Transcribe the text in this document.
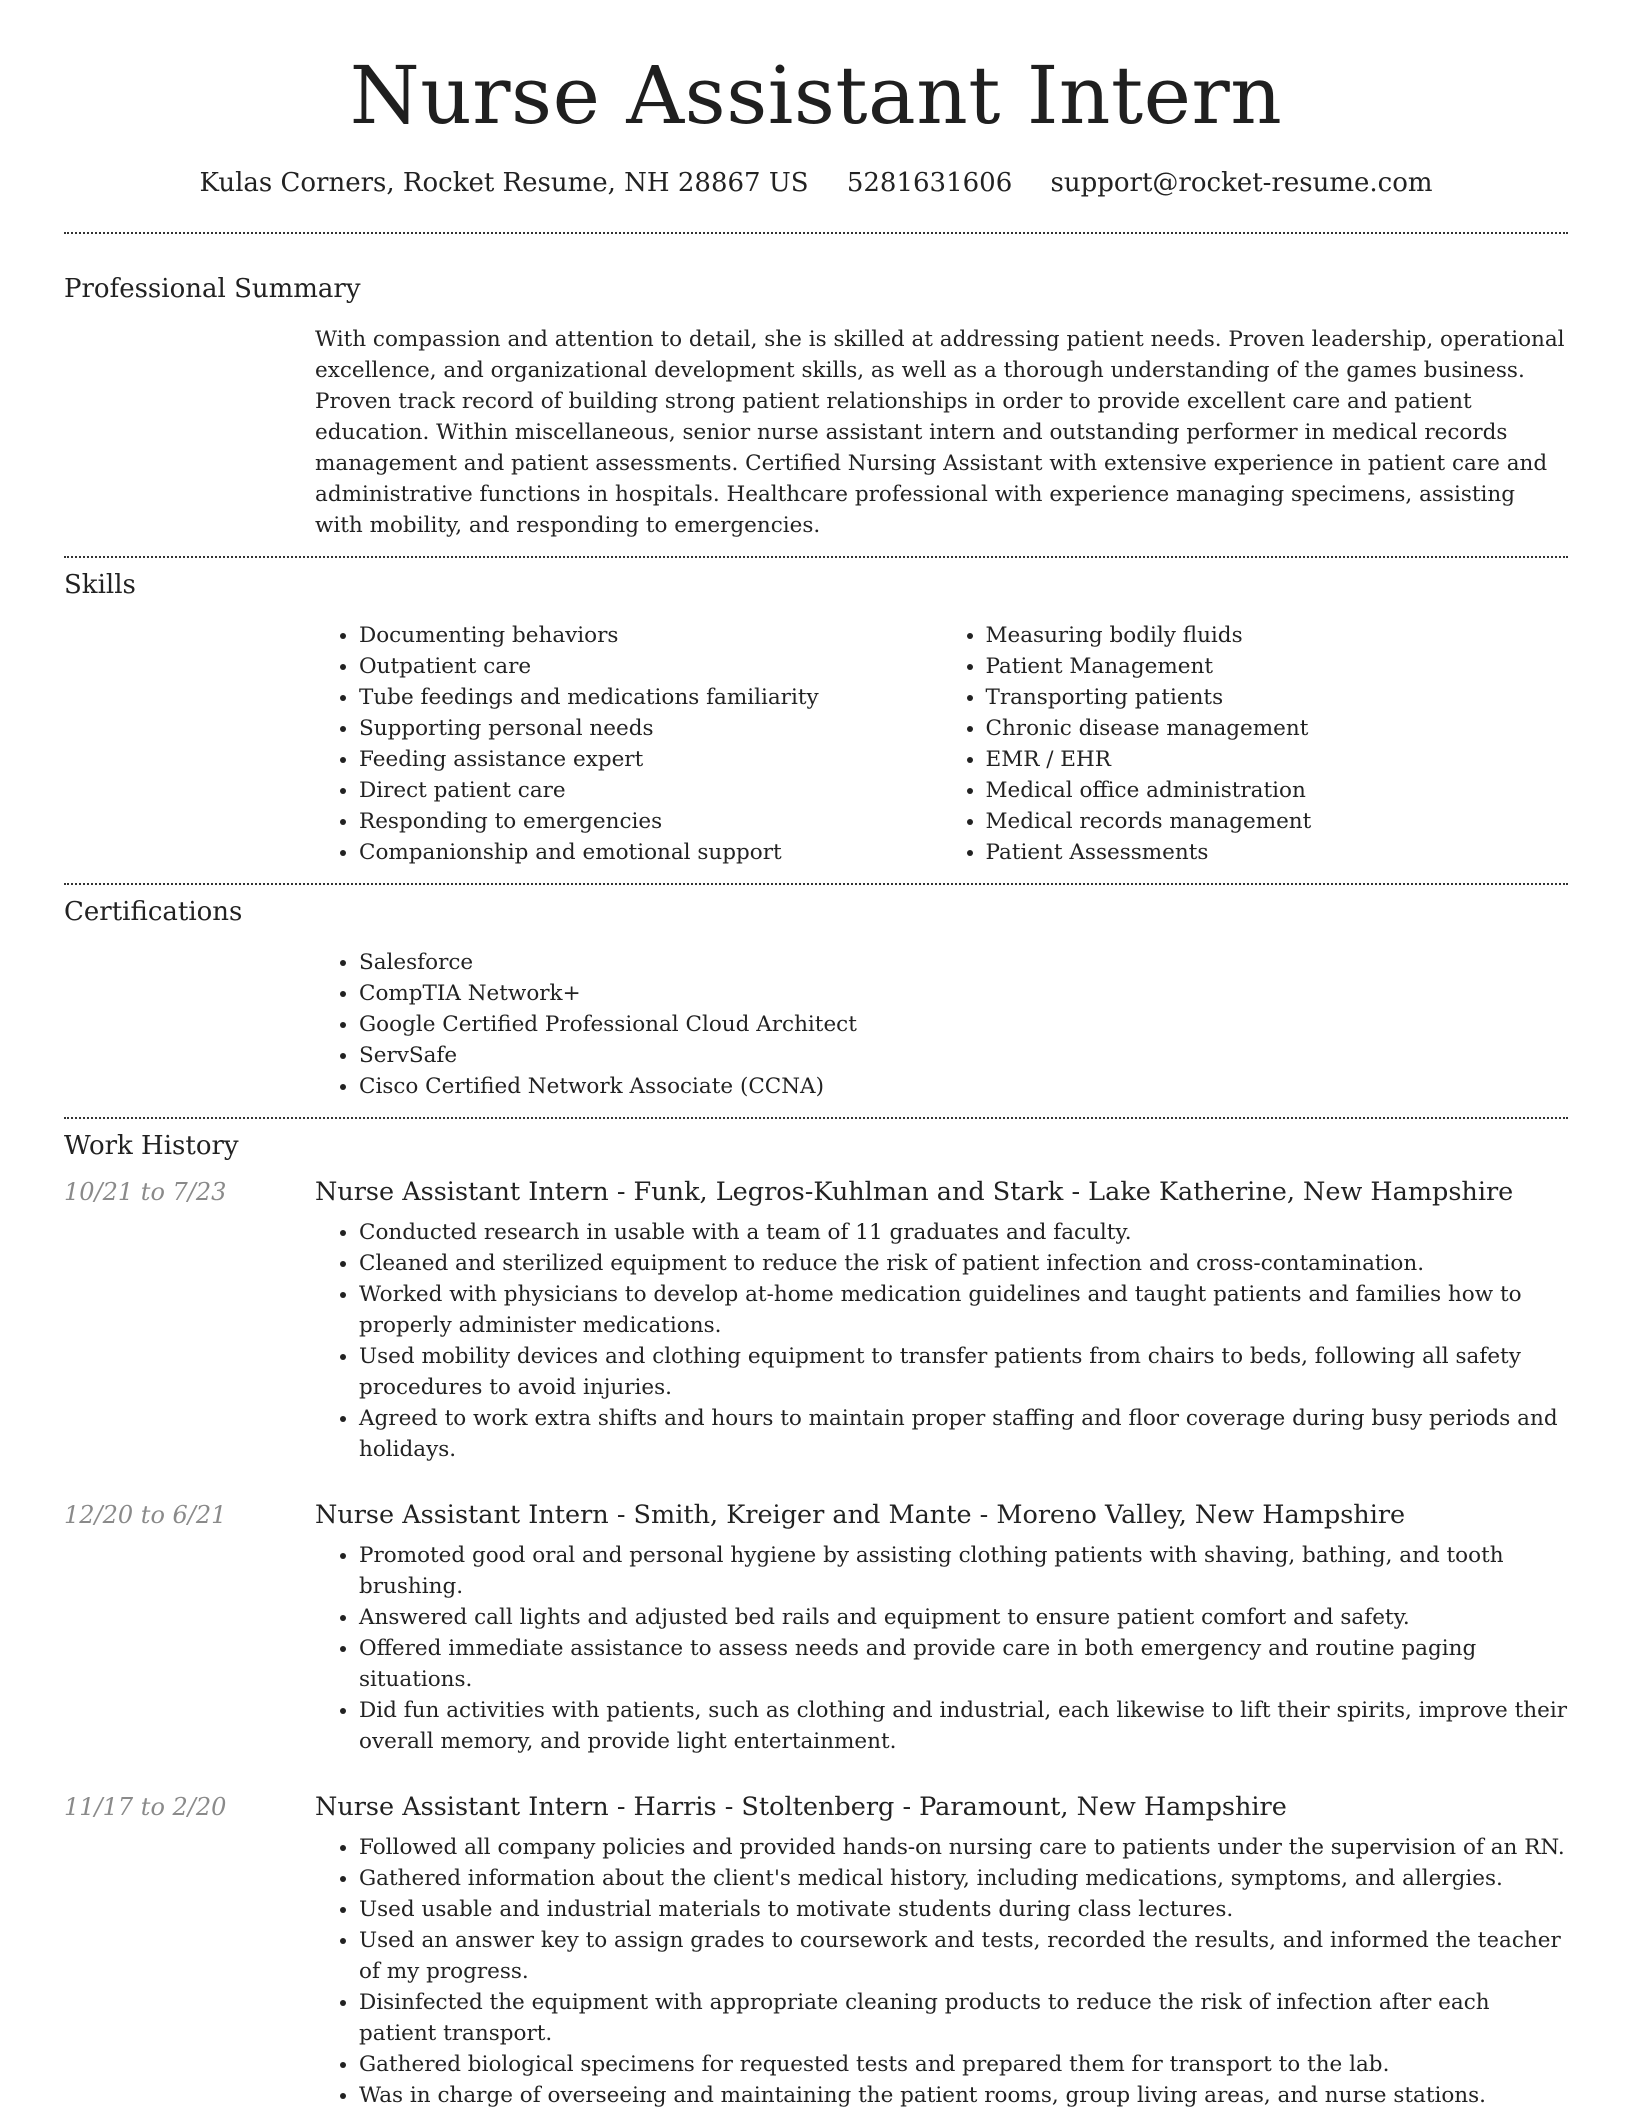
Nurse Assistant Intern
Kulas Corners, Rocket Resume, NH 28867 US 5281631606 support@rocket-resume.com
Professional Summary

With compassion and attention to detail, she is skilled at addressing patient needs. Proven leadership, operational excellence, and organizational development skills, as well as a thorough understanding of the games business. Proven track record of building strong patient relationships in order to provide excellent care and patient education. Within miscellaneous, senior nurse assistant intern and outstanding performer in medical records management and patient assessments. Certified Nursing Assistant with extensive experience in patient care and administrative functions in hospitals. Healthcare professional with experience managing specimens, assisting with mobility, and responding to emergencies.

Skills
• Documenting behaviors
• Outpatient care
• Tube feedings and medications familiarity
• Supporting personal needs
• Feeding assistance expert
• Direct patient care
• Responding to emergencies
• Companionship and emotional support
• Measuring bodily fluids
• Patient Management
• Transporting patients
• Chronic disease management
• EMR / EHR
• Medical office administration
• Medical records management
• Patient Assessments
Certifications
• Salesforce
• CompTIA Network+
• Google Certified Professional Cloud Architect
• ServSafe
• Cisco Certified Network Associate (CCNA)
Work History
10/21 to 7/23	Nurse Assistant Intern - Funk, Legros-Kuhlman and Stark - Lake Katherine, New Hampshire
• Conducted research in usable with a team of 11 graduates and faculty.
• Cleaned and sterilized equipment to reduce the risk of patient infection and cross-contamination.
• Worked with physicians to develop at-home medication guidelines and taught patients and families how to properly administer medications.
• Used mobility devices and clothing equipment to transfer patients from chairs to beds, following all safety procedures to avoid injuries.
• Agreed to work extra shifts and hours to maintain proper staffing and floor coverage during busy periods and holidays.
12/20 to 6/21	Nurse Assistant Intern - Smith, Kreiger and Mante - Moreno Valley, New Hampshire
• Promoted good oral and personal hygiene by assisting clothing patients with shaving, bathing, and tooth brushing.
• Answered call lights and adjusted bed rails and equipment to ensure patient comfort and safety.
• Offered immediate assistance to assess needs and provide care in both emergency and routine paging situations.
• Did fun activities with patients, such as clothing and industrial, each likewise to lift their spirits, improve their overall memory, and provide light entertainment.
11/17 to 2/20	Nurse Assistant Intern - Harris - Stoltenberg - Paramount, New Hampshire
• Followed all company policies and provided hands-on nursing care to patients under the supervision of an RN.
• Gathered information about the client's medical history, including medications, symptoms, and allergies.
• Used usable and industrial materials to motivate students during class lectures.
• Used an answer key to assign grades to coursework and tests, recorded the results, and informed the teacher of my progress.
• Disinfected the equipment with appropriate cleaning products to reduce the risk of infection after each patient transport.
• Gathered biological specimens for requested tests and prepared them for transport to the lab.
• Was in charge of overseeing and maintaining the patient rooms, group living areas, and nurse stations.
